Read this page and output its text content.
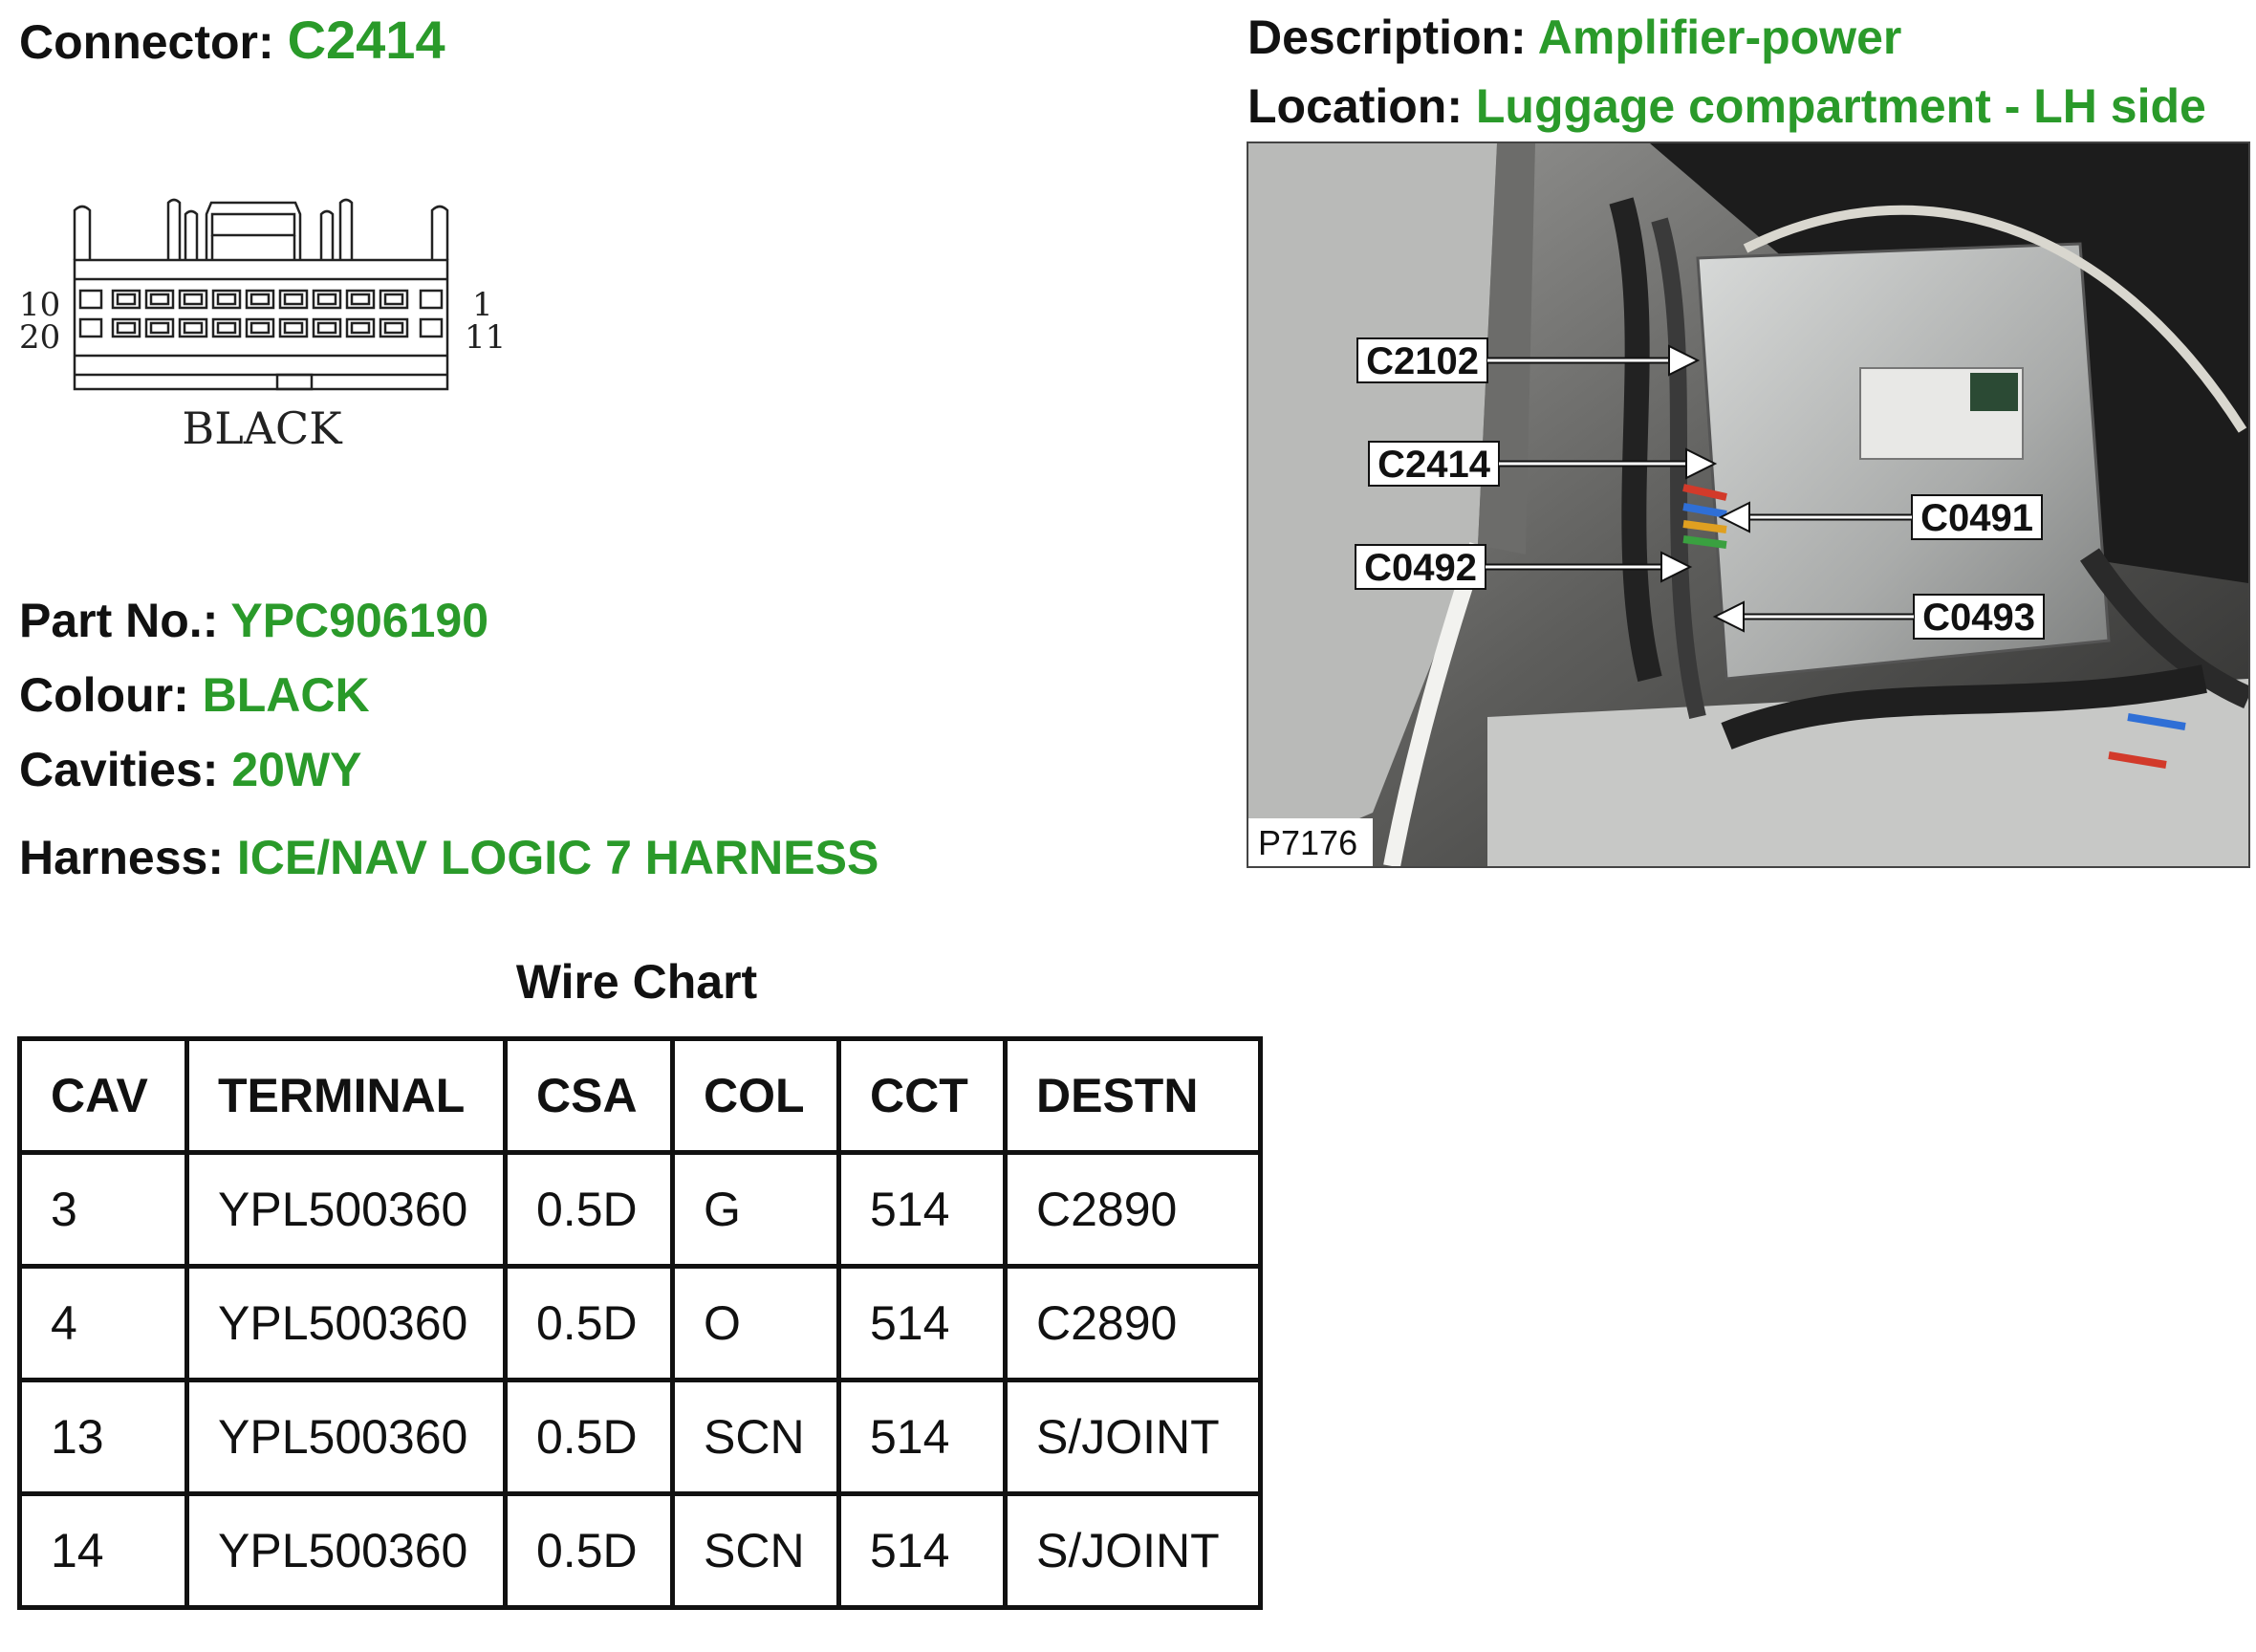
Connector: C2414	Description: Amplifier-power
Location: Luggage compartment - LH side
10
20
1
11
BLACK
Part No.: YPC906190
Colour: BLACK
Cavities: 20WY
Harness: ICE/NAV LOGIC 7 HARNESS
C2102
C2414
C0491
C0492
C0493
P7176
Wire Chart
CAV	TERMINAL	CSA	COL	CCT	DESTN
3	YPL500360	0.5D	G	514	C2890
4	YPL500360	0.5D	O	514	C2890
13	YPL500360	0.5D	SCN	514	S/JOINT
14	YPL500360	0.5D	SCN	514	S/JOINT
